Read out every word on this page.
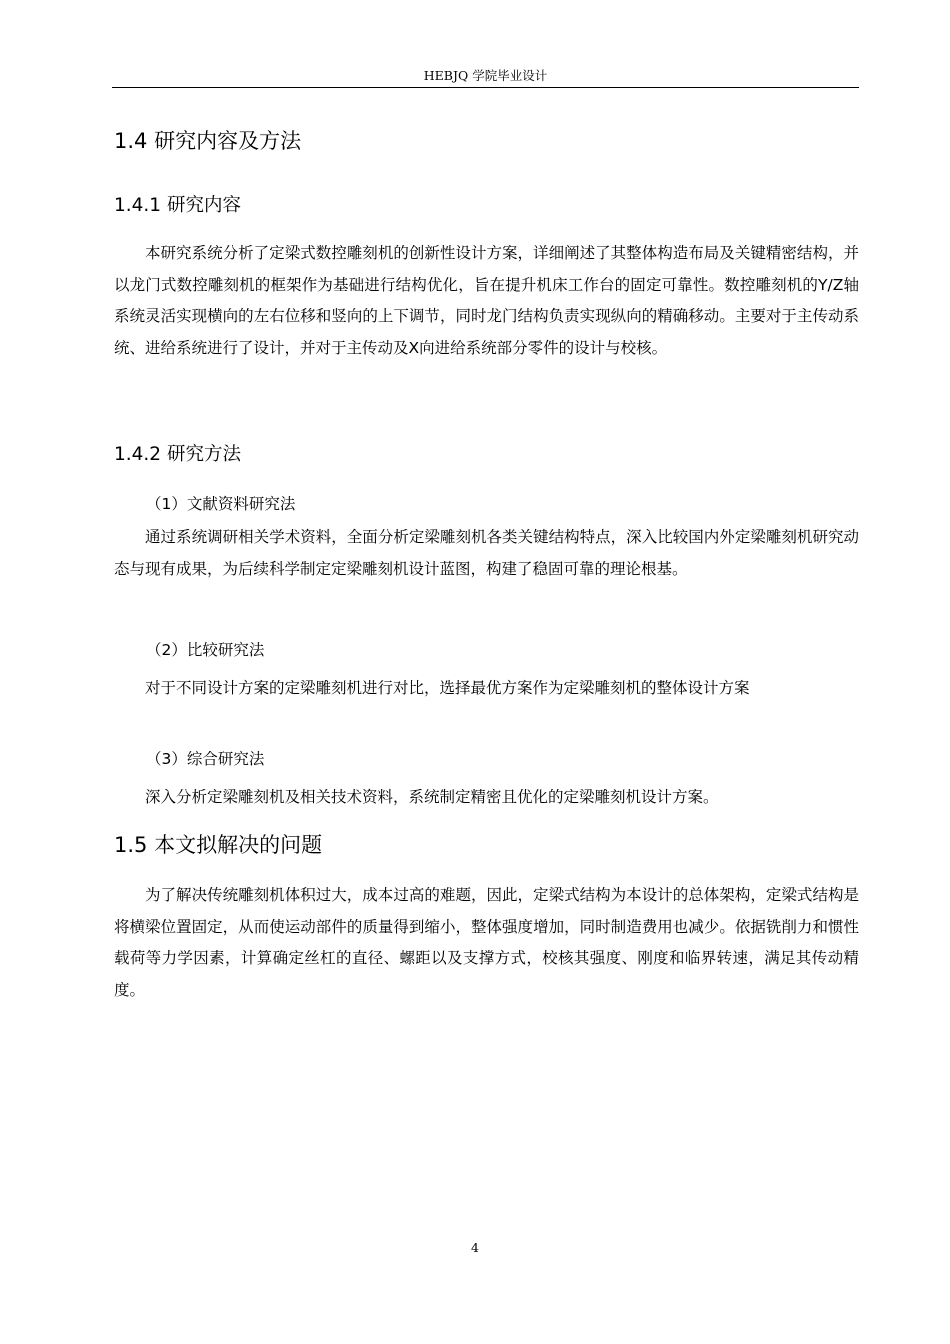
HEBJQ 学院毕业设计
1.4 研究内容及方法
1.4.1 研究内容

本研究系统分析了定梁式数控雕刻机的创新性设计方案，详细阐述了其整体构造布局及关键精密结构，并以龙门式数控雕刻机的框架作为基础进行结构优化，旨在提升机床工作台的固定可靠性。数控雕刻机的Y/Z轴系统灵活实现横向的左右位移和竖向的上下调节，同时龙门结构负责实现纵向的精确移动。主要对于主传动系统、进给系统进行了设计，并对于主传动及X向进给系统部分零件的设计与校核。

1.4.2 研究方法
（1）文献资料研究法

通过系统调研相关学术资料，全面分析定梁雕刻机各类关键结构特点，深入比较国内外定梁雕刻机研究动态与现有成果，为后续科学制定定梁雕刻机设计蓝图，构建了稳固可靠的理论根基。

（2）比较研究法

对于不同设计方案的定梁雕刻机进行对比，选择最优方案作为定梁雕刻机的整体设计方案

（3）综合研究法

深入分析定梁雕刻机及相关技术资料，系统制定精密且优化的定梁雕刻机设计方案。

1.5 本文拟解决的问题

为了解决传统雕刻机体积过大，成本过高的难题，因此，定梁式结构为本设计的总体架构，定梁式结构是将横梁位置固定，从而使运动部件的质量得到缩小，整体强度增加，同时制造费用也减少。依据铣削力和惯性载荷等力学因素，计算确定丝杠的直径、螺距以及支撑方式，校核其强度、刚度和临界转速，满足其传动精度。

4
